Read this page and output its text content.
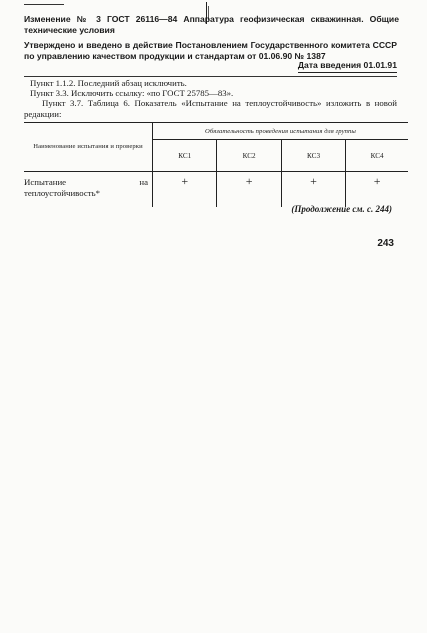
Изменение № 3 ГОСТ 26116—84 Аппаратура геофизическая скважинная. Общие технические условия
Утверждено и введено в действие Постановлением Государственного комитета СССР по управлению качеством продукции и стандартам от 01.06.90 № 1387
Дата введения 01.01.91
Пункт 1.1.2. Последний абзац исключить.
Пункт 3.3. Исключить ссылку: «по ГОСТ 25785—83».
Пункт 3.7. Таблица 6. Показатель «Испытание на теплоустойчивость» изложить в новой редакции:
Наименование испытания и проверки	Обязательность проведения испытания для группы			
	КС1	КС2	КС3	КС4
Испытание на теплоустойчивость*	+	+	+	+
(Продолжение см. с. 244)
243
